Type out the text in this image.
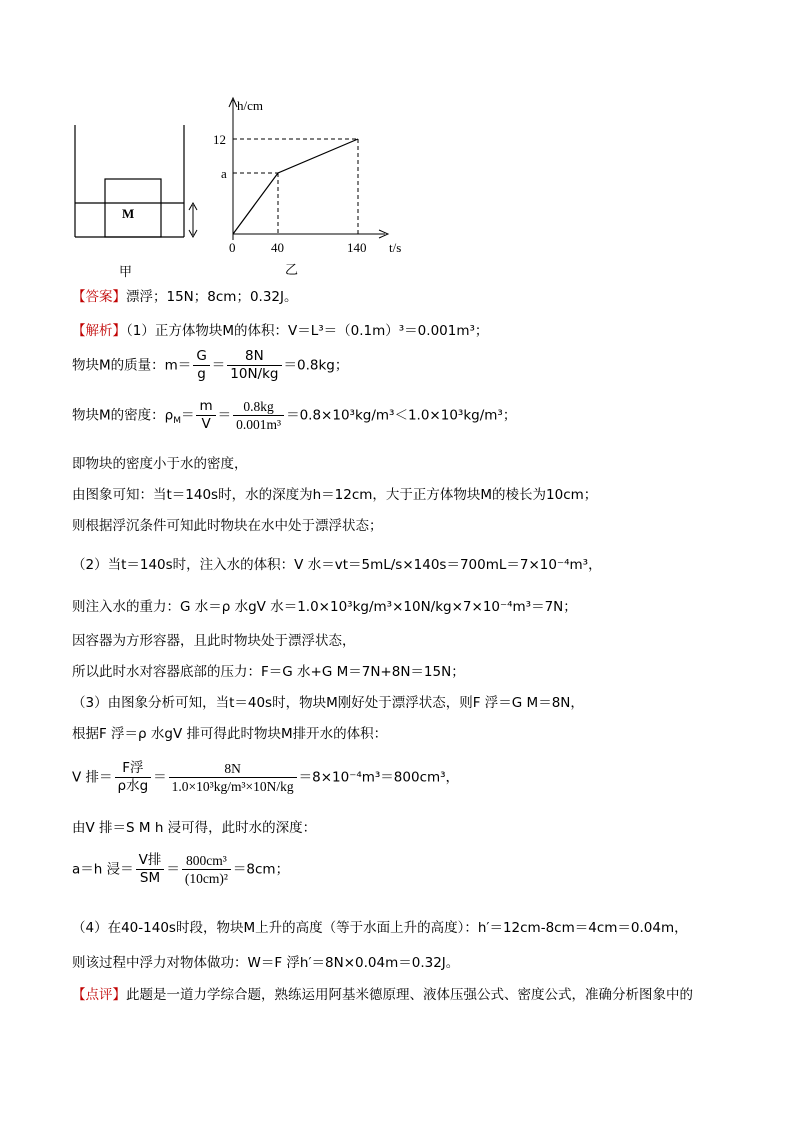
M
甲
h/cm
t/s
12
a
0	40	140
乙
【答案】漂浮；15N；8cm；0.32J。
【解析】（1）正方体物块M的体积：V＝L³＝（0.1m）³＝0.001m³；
物块M的质量：$m= \frac{G}{g} = \frac{8N}{10N/kg} =0.8kg$；
物块M的密度：$\rho_M= \frac{m}{V} = \frac{0.8kg}{\text{0.001m³}} =0.8\times 10^3kg/m^3<1.0\times 10^3kg/m^3$；
即物块的密度小于水的密度，
由图象可知：当t＝140s时，水的深度为h＝12cm，大于正方体物块M的棱长为10cm；
则根据浮沉条件可知此时物块在水中处于漂浮状态；
（2）当t＝140s时，注入水的体积：V 水＝vt＝5mL/s×140s＝700mL＝7×10⁻⁴m³，
则注入水的重力：G 水＝ρ 水gV 水＝1.0×10³kg/m³×10N/kg×7×10⁻⁴m³＝7N；
因容器为方形容器，且此时物块处于漂浮状态，
所以此时水对容器底部的压力：F＝G 水+G M＝7N+8N＝15N；
（3）由图象分析可知，当t＝40s时，物块M刚好处于漂浮状态，则F 浮＝G M＝8N，
根据F 浮＝ρ 水gV 排可得此时物块M排开水的体积：
V 排＝ $\frac{\text{F浮}}{\text{ρ水g}} = \frac{8N}{\text{1.0×10³kg/m³×10N/kg}} =8\times 10^{-4}m^3=800cm^3$，
由V 排＝S M h 浸可得，此时水的深度：
a＝h 浸＝ $\frac{\text{V排}}{SM} = \frac{\text{800cm³}}{\text{(10cm)²}} =8cm$；
（4）在40-140s时段，物块M上升的高度（等于水面上升的高度）：h′＝12cm-8cm＝4cm＝0.04m，
则该过程中浮力对物体做功：W＝F 浮h′＝8N×0.04m＝0.32J。
【点评】此题是一道力学综合题，熟练运用阿基米德原理、液体压强公式、密度公式，准确分析图象中的
